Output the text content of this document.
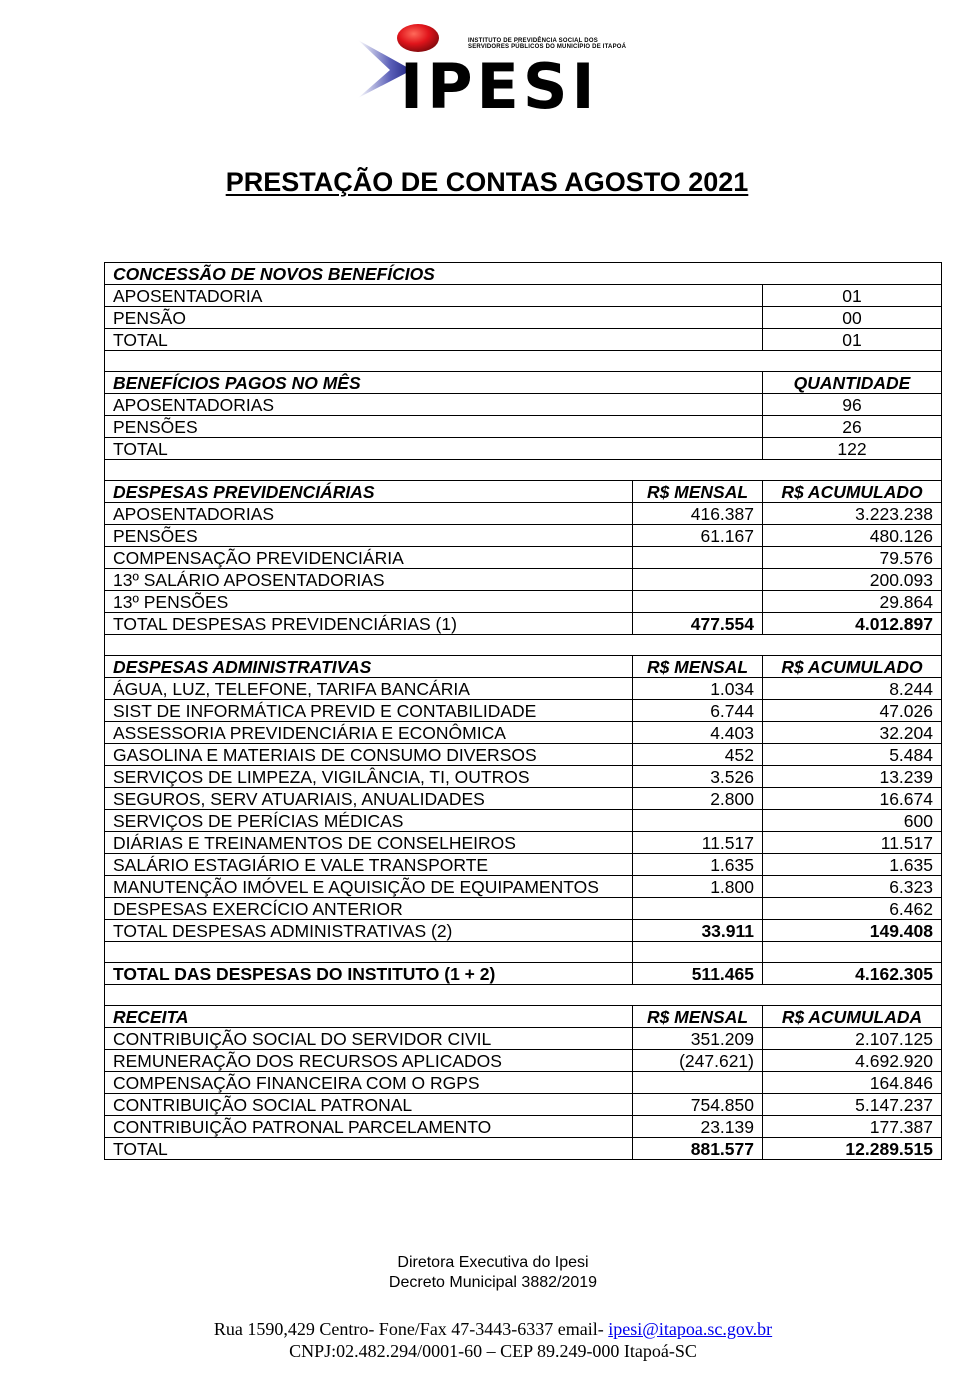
IPESI
INSTITUTO DE PREVIDÊNCIA SOCIAL DOS
SERVIDORES PÚBLICOS DO MUNICÍPIO DE ITAPOÁ
PRESTAÇÃO DE CONTAS AGOSTO 2021
CONCESSÃO DE NOVOS BENEFÍCIOS		
APOSENTADORIA		01
PENSÃO		00
TOTAL		01

BENEFÍCIOS PAGOS NO MÊS		QUANTIDADE
APOSENTADORIAS		96
PENSÕES		26
TOTAL		122

DESPESAS PREVIDENCIÁRIAS	R$ MENSAL	R$ ACUMULADO
APOSENTADORIAS	416.387	3.223.238
PENSÕES	61.167	480.126
COMPENSAÇÃO PREVIDENCIÁRIA		79.576
13º SALÁRIO APOSENTADORIAS		200.093
13º PENSÕES		29.864
TOTAL DESPESAS PREVIDENCIÁRIAS (1)	477.554	4.012.897

DESPESAS ADMINISTRATIVAS	R$ MENSAL	R$ ACUMULADO
ÁGUA, LUZ, TELEFONE, TARIFA BANCÁRIA	1.034	8.244
SIST DE INFORMÁTICA PREVID E CONTABILIDADE	6.744	47.026
ASSESSORIA PREVIDENCIÁRIA E ECONÔMICA	4.403	32.204
GASOLINA E MATERIAIS DE CONSUMO DIVERSOS	452	5.484
SERVIÇOS DE LIMPEZA, VIGILÂNCIA, TI, OUTROS	3.526	13.239
SEGUROS, SERV ATUARIAIS, ANUALIDADES	2.800	16.674
SERVIÇOS DE PERÍCIAS MÉDICAS		600
DIÁRIAS E TREINAMENTOS DE CONSELHEIROS	11.517	11.517
SALÁRIO ESTAGIÁRIO E VALE TRANSPORTE	1.635	1.635
MANUTENÇÃO IMÓVEL E AQUISIÇÃO DE EQUIPAMENTOS	1.800	6.323
DESPESAS EXERCÍCIO ANTERIOR		6.462
TOTAL DESPESAS ADMINISTRATIVAS (2)	33.911	149.408

TOTAL DAS DESPESAS DO INSTITUTO (1 + 2)	511.465	4.162.305

RECEITA	R$ MENSAL	R$ ACUMULADA
CONTRIBUIÇÃO SOCIAL DO SERVIDOR CIVIL	351.209	2.107.125
REMUNERAÇÃO DOS RECURSOS APLICADOS	(247.621)	4.692.920
COMPENSAÇÃO FINANCEIRA COM O RGPS		164.846
CONTRIBUIÇÃO SOCIAL PATRONAL	754.850	5.147.237
CONTRIBUIÇÃO PATRONAL PARCELAMENTO	23.139	177.387
TOTAL	881.577	12.289.515
Diretora Executiva do Ipesi
Decreto Municipal 3882/2019
Rua 1590,429 Centro- Fone/Fax 47-3443-6337 email- ipesi@itapoa.sc.gov.br
CNPJ:02.482.294/0001-60 – CEP 89.249-000 Itapoá-SC
